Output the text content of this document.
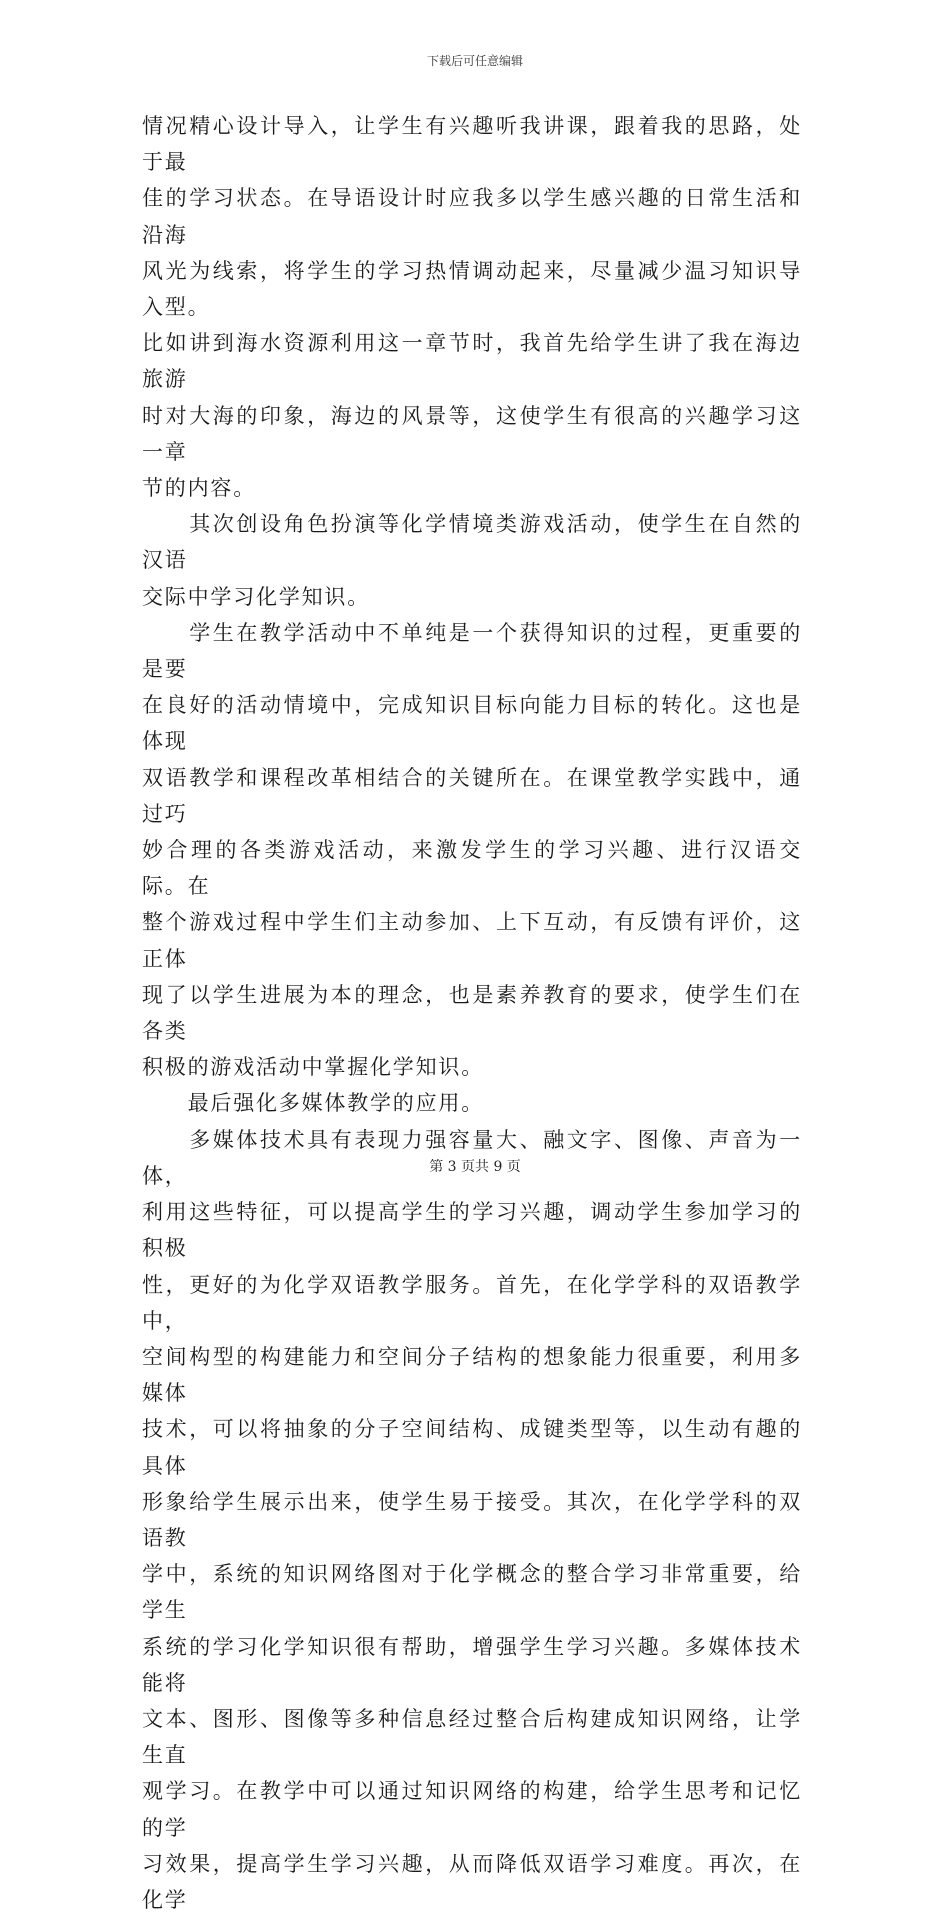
下载后可任意编辑

情况精心设计导入，让学生有兴趣听我讲课，跟着我的思路，处于最
佳的学习状态。在导语设计时应我多以学生感兴趣的日常生活和沿海
风光为线索，将学生的学习热情调动起来，尽量减少温习知识导入型。
比如讲到海水资源利用这一章节时，我首先给学生讲了我在海边旅游
时对大海的印象，海边的风景等，这使学生有很高的兴趣学习这一章
节的内容。

　　其次创设角色扮演等化学情境类游戏活动，使学生在自然的汉语
交际中学习化学知识。

　　学生在教学活动中不单纯是一个获得知识的过程，更重要的是要
在良好的活动情境中，完成知识目标向能力目标的转化。这也是体现
双语教学和课程改革相结合的关键所在。在课堂教学实践中，通过巧
妙合理的各类游戏活动，来激发学生的学习兴趣、进行汉语交际。在
整个游戏过程中学生们主动参加、上下互动，有反馈有评价，这正体
现了以学生进展为本的理念，也是素养教育的要求，使学生们在各类
积极的游戏活动中掌握化学知识。

　　最后强化多媒体教学的应用。

　　多媒体技术具有表现力强容量大、融文字、图像、声音为一体，
利用这些特征，可以提高学生的学习兴趣，调动学生参加学习的积极
性，更好的为化学双语教学服务。首先，在化学学科的双语教学中，
空间构型的构建能力和空间分子结构的想象能力很重要，利用多媒体
技术，可以将抽象的分子空间结构、成键类型等，以生动有趣的具体
形象给学生展示出来，使学生易于接受。其次，在化学学科的双语教
学中，系统的知识网络图对于化学概念的整合学习非常重要，给学生
系统的学习化学知识很有帮助，增强学生学习兴趣。多媒体技术能将
文本、图形、图像等多种信息经过整合后构建成知识网络，让学生直
观学习。在教学中可以通过知识网络的构建，给学生思考和记忆的学
习效果，提高学生学习兴趣，从而降低双语学习难度。再次，在化学

第 3 页共 9 页
